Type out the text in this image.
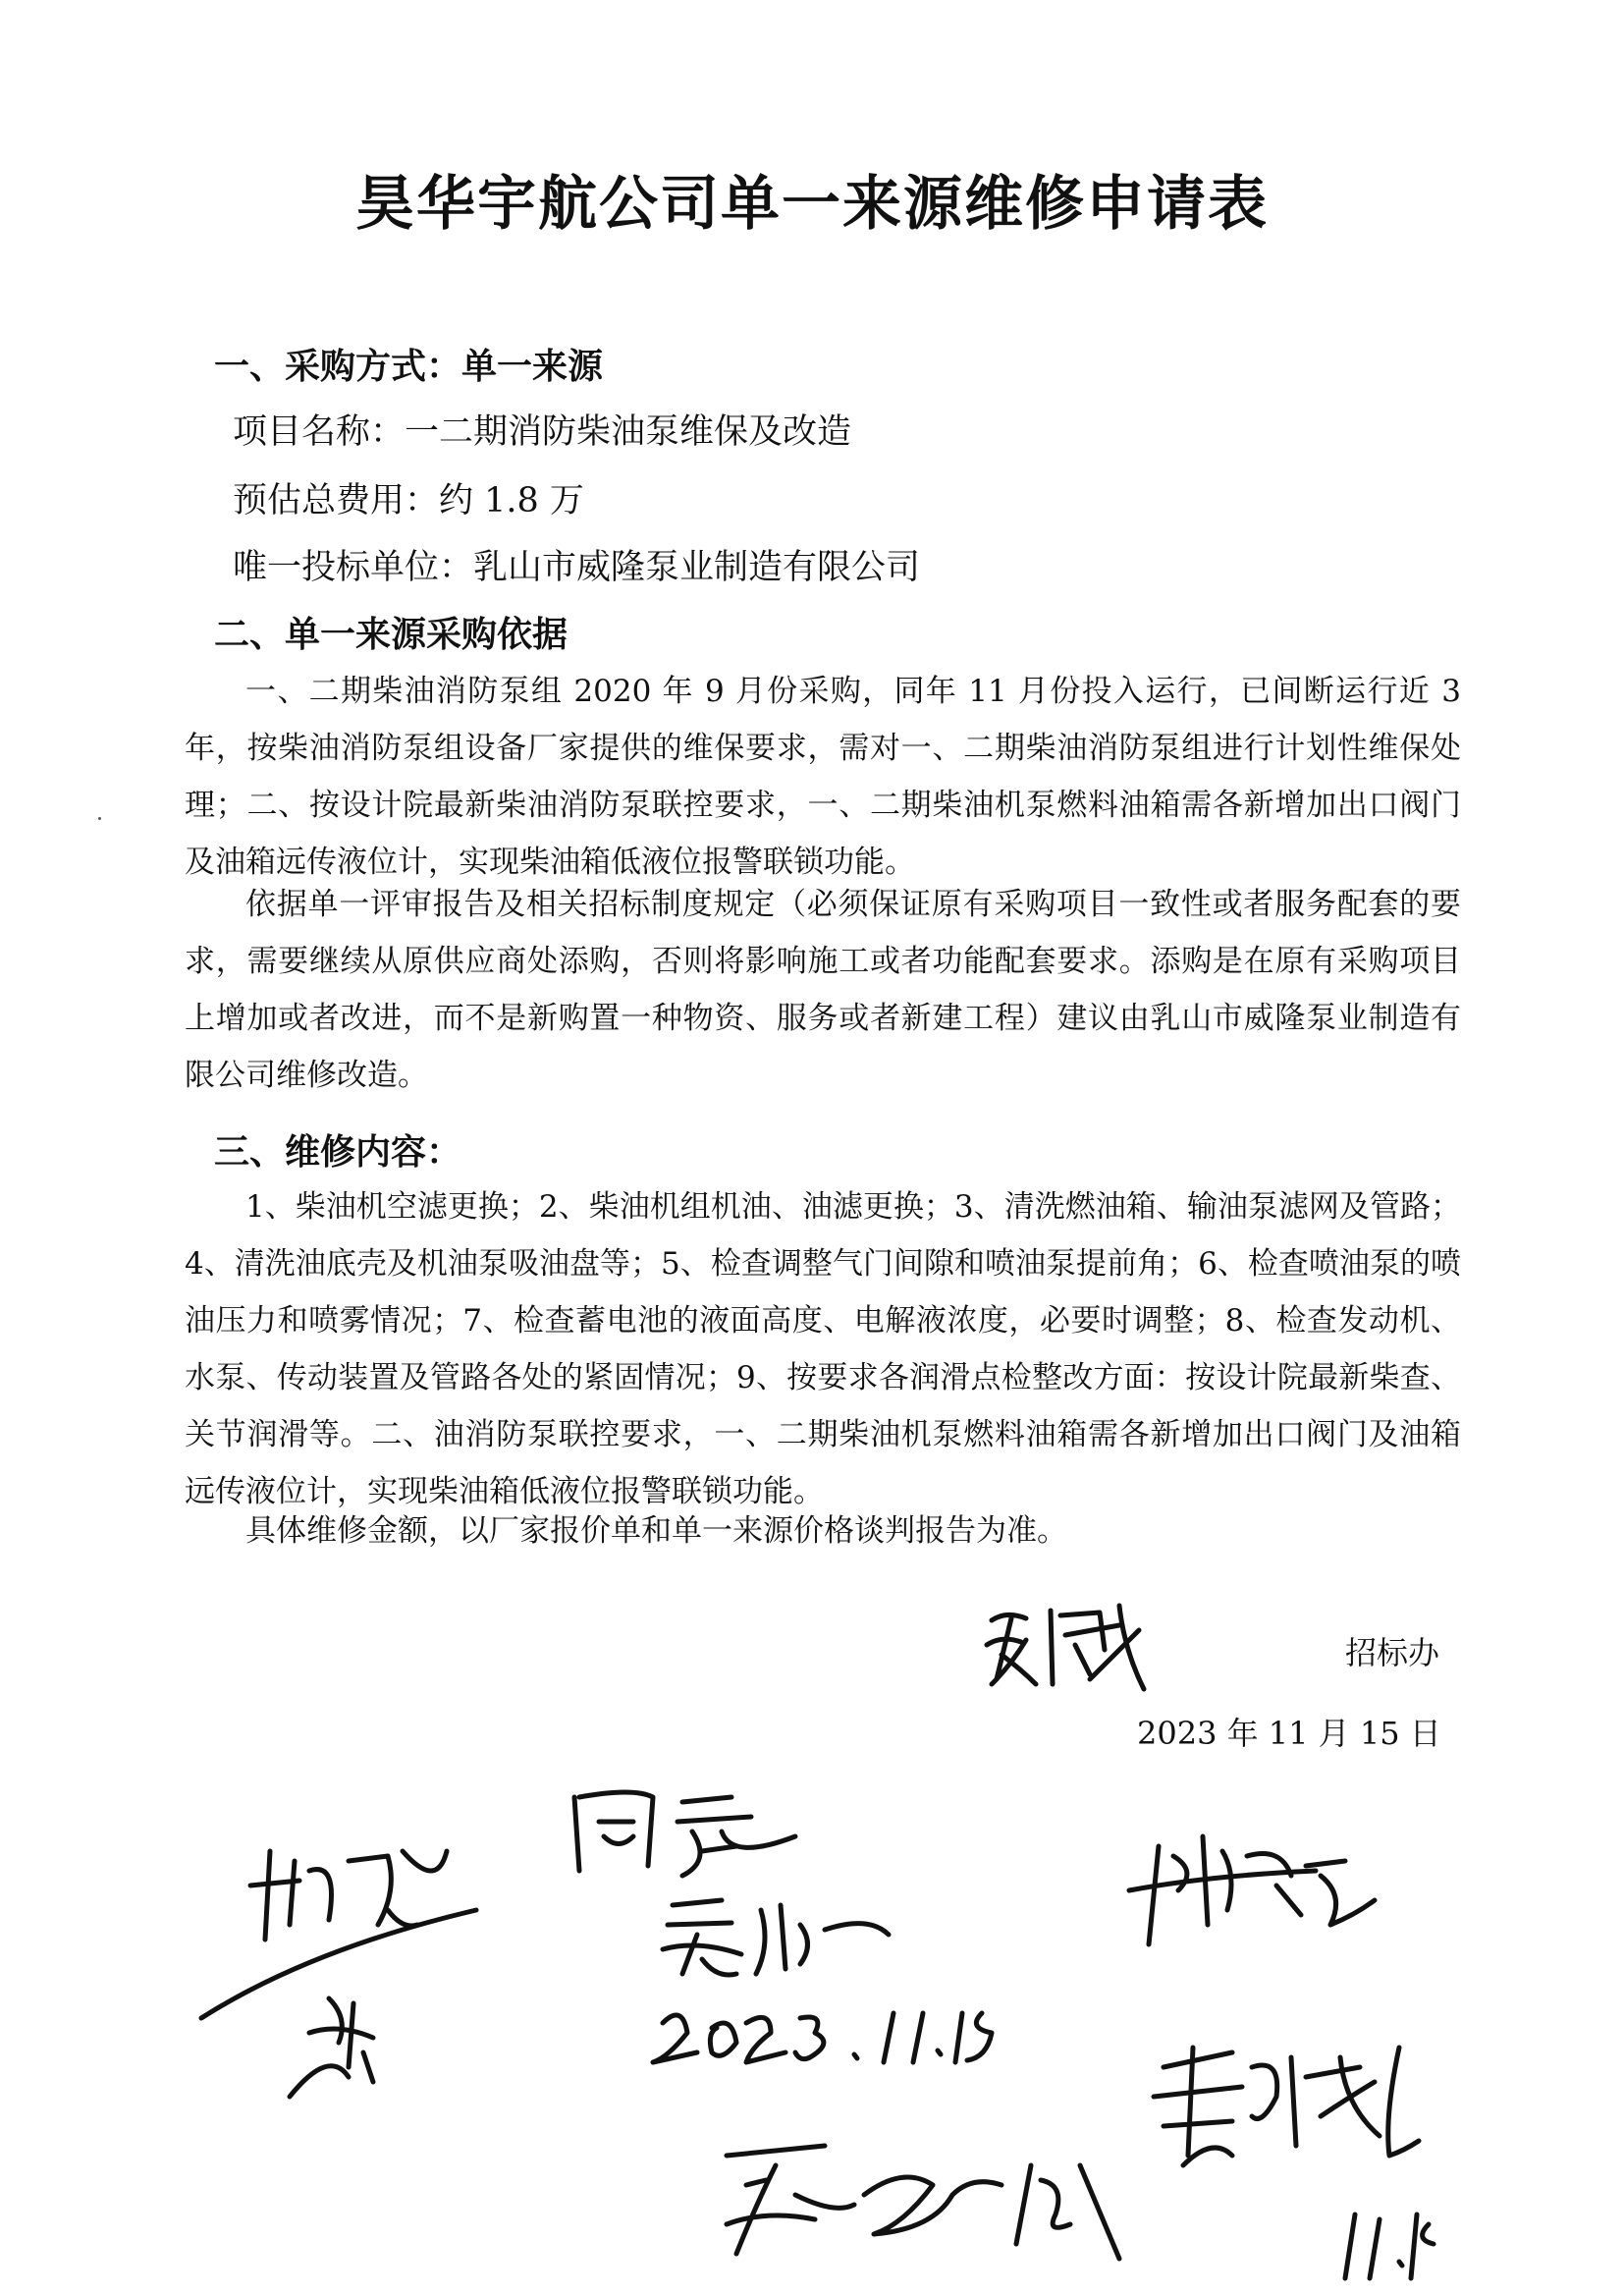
昊华宇航公司单一来源维修申请表
一、采购方式：单一来源
项目名称：一二期消防柴油泵维保及改造
预估总费用：约 1.8 万
唯一投标单位：乳山市威隆泵业制造有限公司
二、单一来源采购依据
一、二期柴油消防泵组 2020 年 9 月份采购，同年 11 月份投入运行，已间断运行近 3 年，按柴油消防泵组设备厂家提供的维保要求，需对一、二期柴油消防泵组进行计划性维保处理；二、按设计院最新柴油消防泵联控要求，一、二期柴油机泵燃料油箱需各新增加出口阀门及油箱远传液位计，实现柴油箱低液位报警联锁功能。
依据单一评审报告及相关招标制度规定（必须保证原有采购项目一致性或者服务配套的要求，需要继续从原供应商处添购，否则将影响施工或者功能配套要求。添购是在原有采购项目上增加或者改进，而不是新购置一种物资、服务或者新建工程）建议由乳山市威隆泵业制造有限公司维修改造。
三、维修内容：
1、柴油机空滤更换；2、柴油机组机油、油滤更换；3、清洗燃油箱、输油泵滤网及管路；4、清洗油底壳及机油泵吸油盘等；5、检查调整气门间隙和喷油泵提前角；6、检查喷油泵的喷油压力和喷雾情况；7、检查蓄电池的液面高度、电解液浓度，必要时调整；8、检查发动机、水泵、传动装置及管路各处的紧固情况；9、按要求各润滑点检整改方面：按设计院最新柴查、关节润滑等。二、油消防泵联控要求，一、二期柴油机泵燃料油箱需各新增加出口阀门及油箱远传液位计，实现柴油箱低液位报警联锁功能。
具体维修金额，以厂家报价单和单一来源价格谈判报告为准。
招标办
2023 年 11 月 15 日
